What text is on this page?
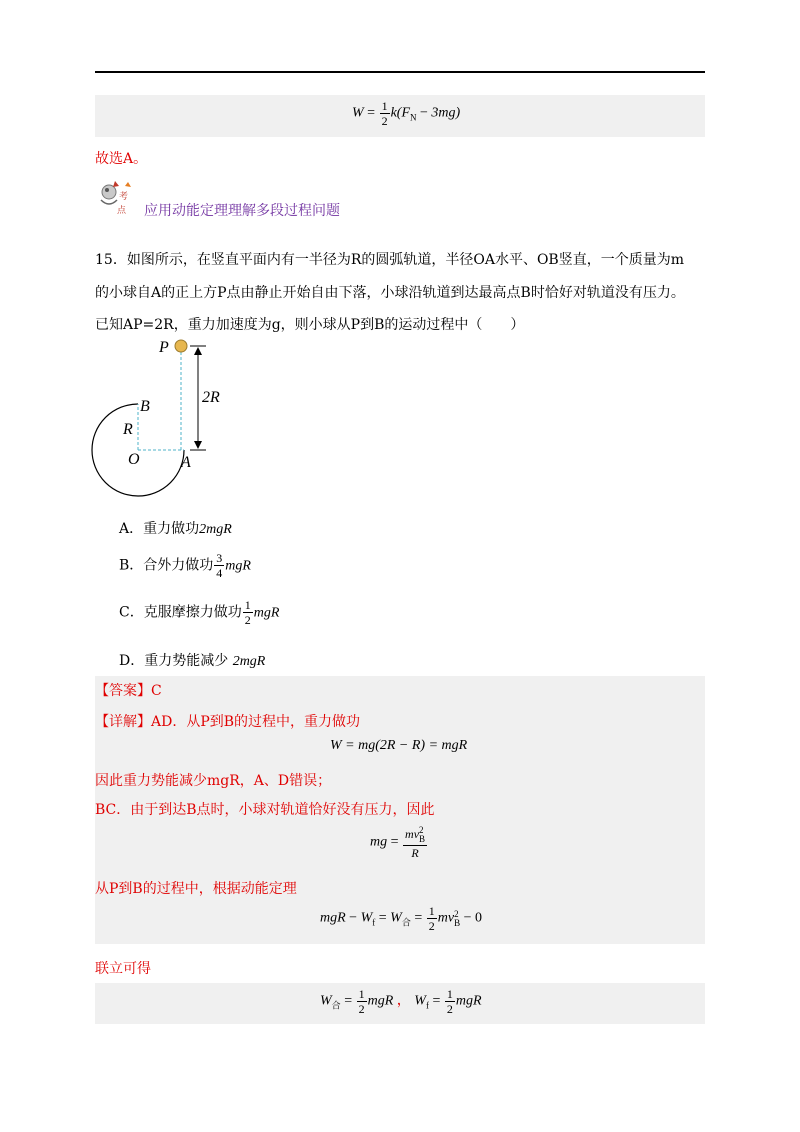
$W = \frac{1}{2} k(F_N - 3mg)$
故选A。
考
点 应用动能定理理解多段过程问题
15．如图所示，在竖直平面内有一半径为R的圆弧轨道，半径OA水平、OB竖直，一个质量为m
的小球自A的正上方P点由静止开始自由下落，小球沿轨道到达最高点B时恰好对轨道没有压力。
已知AP=2R，重力加速度为g，则小球从P到B的运动过程中（　　）
P
B
R
O	A
2R
A．重力做功2mgR
B．合外力做功 $\frac{3}{4}$ mgR
C．克服摩擦力做功 $\frac{1}{2}$ mgR
D．重力势能减少 2mgR
【答案】C
【详解】AD．从P到B的过程中，重力做功
W = mg(2R − R) = mgR
因此重力势能减少mgR，A、D错误；
BC．由于到达B点时，小球对轨道恰好没有压力，因此
mg = mv 2
B
R
从P到B的过程中，根据动能定理
mgR − $W_f = W_合 = \frac{1}{2}$ mv 2
B − 0
联立可得
$W_合 = \frac{1}{2}$ mgR ， $W_f = \frac{1}{2}$ mgR
